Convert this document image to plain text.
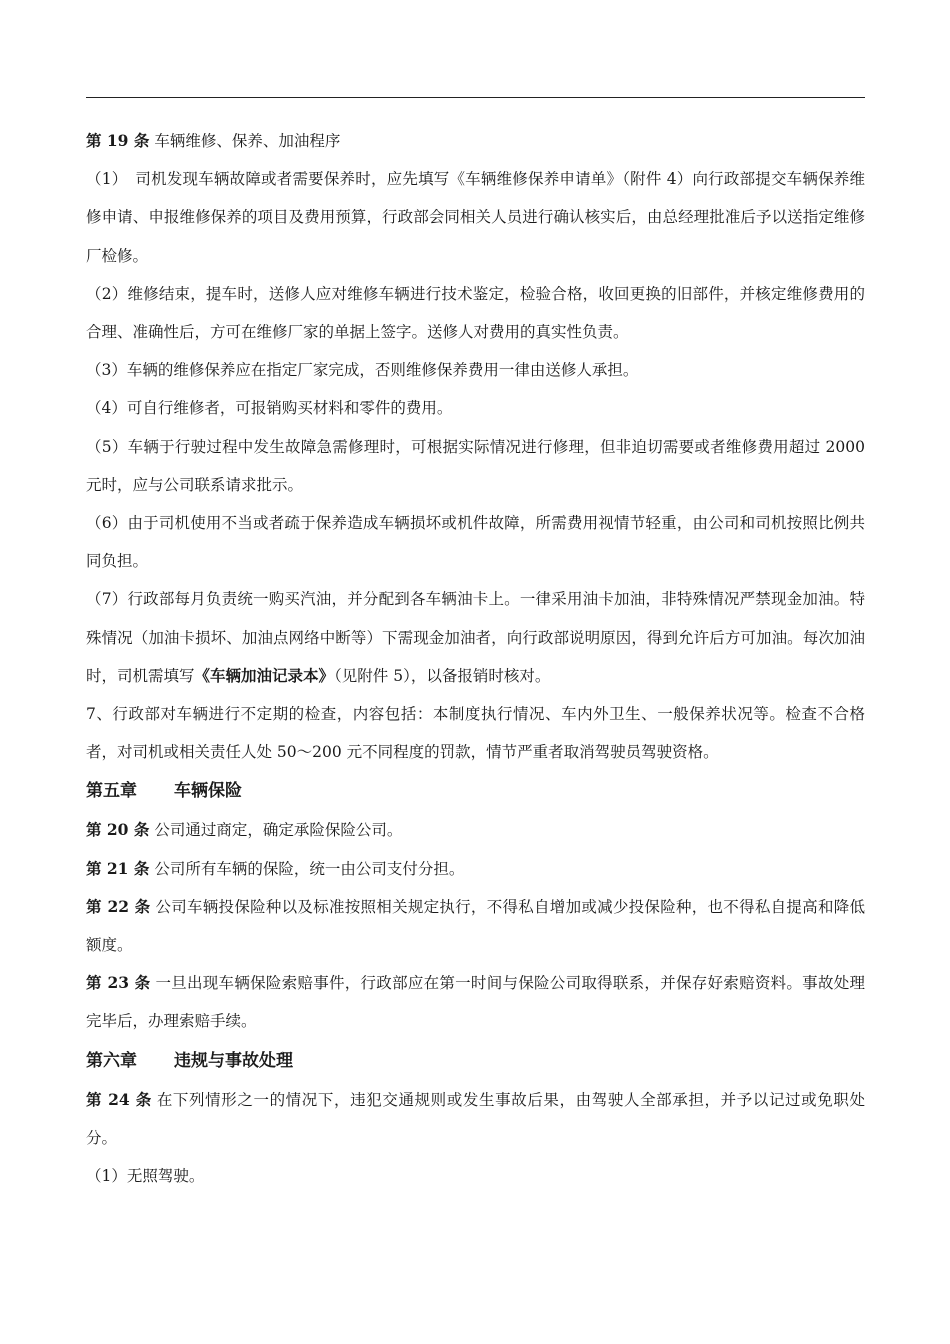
第 19 条 车辆维修、保养、加油程序

（1）　司机发现车辆故障或者需要保养时，应先填写《车辆维修保养申请单》（附件 4）向行政部提交车辆保养维修申请、申报维修保养的项目及费用预算，行政部会同相关人员进行确认核实后，由总经理批准后予以送指定维修厂检修。

（2）维修结束，提车时，送修人应对维修车辆进行技术鉴定，检验合格，收回更换的旧部件，并核定维修费用的合理、准确性后，方可在维修厂家的单据上签字。送修人对费用的真实性负责。

（3）车辆的维修保养应在指定厂家完成，否则维修保养费用一律由送修人承担。

（4）可自行维修者，可报销购买材料和零件的费用。

（5）车辆于行驶过程中发生故障急需修理时，可根据实际情况进行修理，但非迫切需要或者维修费用超过 2000 元时，应与公司联系请求批示。

（6）由于司机使用不当或者疏于保养造成车辆损坏或机件故障，所需费用视情节轻重，由公司和司机按照比例共同负担。

（7）行政部每月负责统一购买汽油，并分配到各车辆油卡上。一律采用油卡加油，非特殊情况严禁现金加油。特殊情况（加油卡损坏、加油点网络中断等）下需现金加油者，向行政部说明原因，得到允许后方可加油。每次加油时，司机需填写《车辆加油记录本》（见附件 5），以备报销时核对。

7、行政部对车辆进行不定期的检查，内容包括：本制度执行情况、车内外卫生、一般保养状况等。检查不合格者，对司机或相关责任人处 50～200 元不同程度的罚款，情节严重者取消驾驶员驾驶资格。

第五章 车辆保险

第 20 条 公司通过商定，确定承险保险公司。

第 21 条 公司所有车辆的保险，统一由公司支付分担。

第 22 条 公司车辆投保险种以及标准按照相关规定执行，不得私自增加或减少投保险种，也不得私自提高和降低额度。

第 23 条 一旦出现车辆保险索赔事件，行政部应在第一时间与保险公司取得联系，并保存好索赔资料。事故处理完毕后，办理索赔手续。

第六章 违规与事故处理

第 24 条 在下列情形之一的情况下，违犯交通规则或发生事故后果，由驾驶人全部承担，并予以记过或免职处分。

（1）无照驾驶。
